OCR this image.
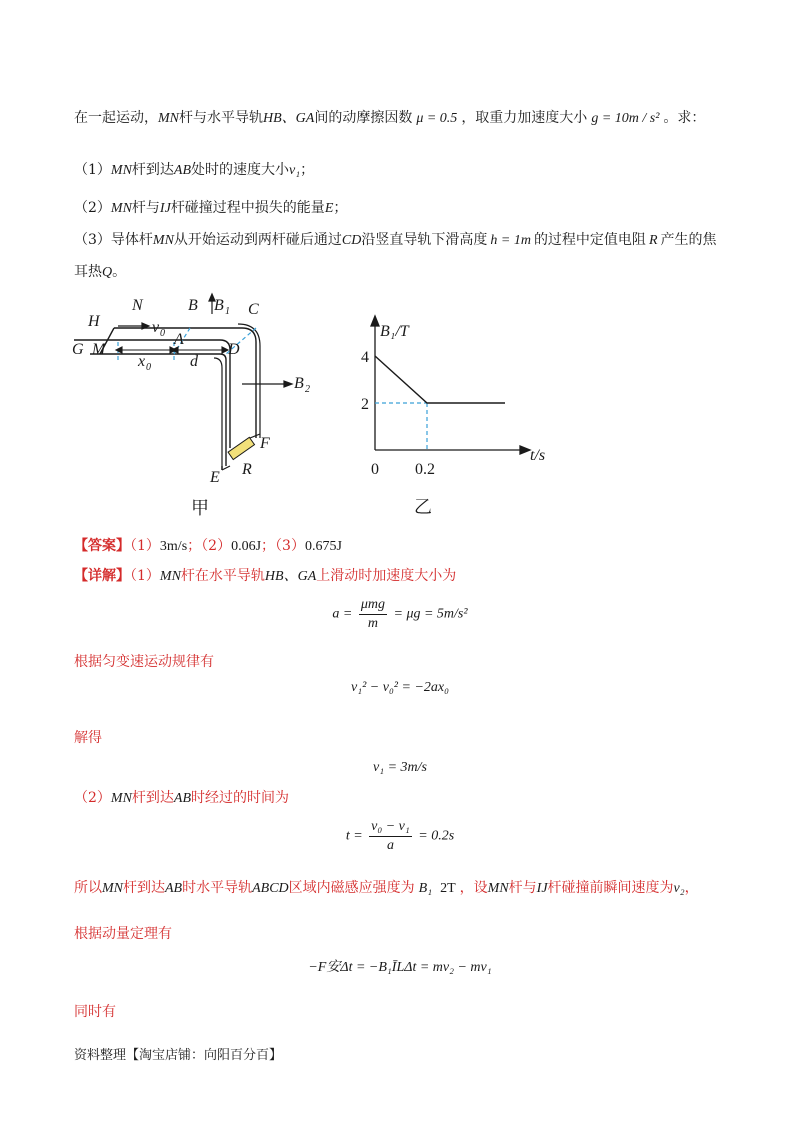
在一起运动，MN杆与水平导轨HB、GA间的动摩擦因数 μ = 0.5 ，取重力加速度大小 g = 10m / s² 。求：
（1）MN杆到达AB处时的速度大小v₁；
（2）MN杆与IJ杆碰撞过程中损失的能量E；
（3）导体杆MN从开始运动到两杆碰后通过CD沿竖直导轨下滑高度 h = 1m 的过程中定值电阻 R 产生的焦
耳热Q。
H
N	B B 1 C
G M
A
D
v 0
x 0 d
B 2
F
E R
甲
0 0.2
2
4
B₁/T
t/s
乙
【答案】（1）3m/s；（2）0.06J；（3）0.675J
【详解】（1）MN杆在水平导轨HB、GA上滑动时加速度大小为
$a = \frac{\text{μmg}}{m} = \mu g = 5m/s^2$
根据匀变速运动规律有
v₁² − v₀² = −2ax₀
解得
v₁ = 3m/s
（2）MN杆到达AB时经过的时间为
$t = \frac{\text{v₀ − v₁}}{a} = 0.2s$
所以MN杆到达AB时水平导轨ABCD区域内磁感应强度为 B₁ 2T ，设MN杆与IJ杆碰撞前瞬间速度为v₂，
根据动量定理有
−F安Δt = −B₁ĪLΔt = mv₂ − mv₁
同时有
资料整理【淘宝店铺：向阳百分百】
